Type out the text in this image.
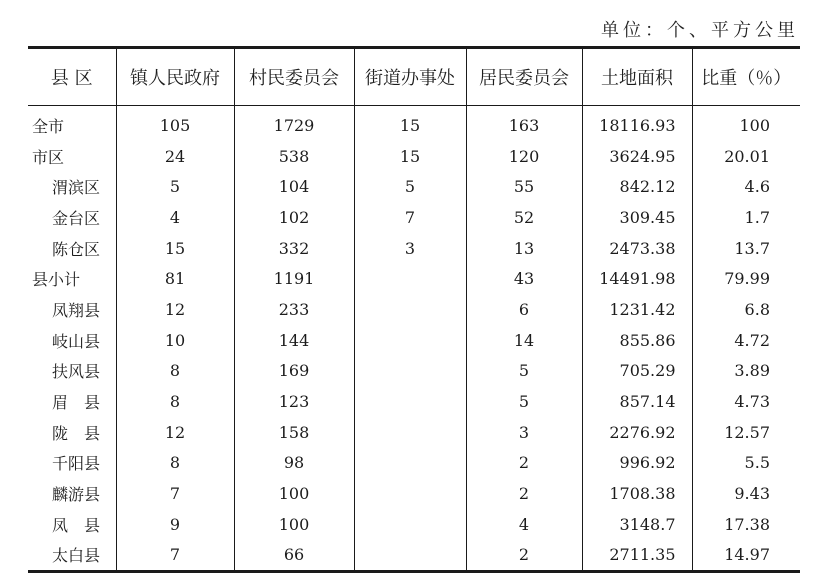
单位：个、平方公里
县 区	镇人民政府	村民委员会	街道办事处	居民委员会	土地面积	比重（％）
全市	105	1729	15	163	18116.93	100
市区	24	538	15	120	3624.95	20.01
渭滨区	5	104	5	55	842.12	4.6
金台区	4	102	7	52	309.45	1.7
陈仓区	15	332	3	13	2473.38	13.7
县小计	81	1191		43	14491.98	79.99
凤翔县	12	233		6	1231.42	6.8
岐山县	10	144		14	855.86	4.72
扶风县	8	169		5	705.29	3.89
眉　县	8	123		5	857.14	4.73
陇　县	12	158		3	2276.92	12.57
千阳县	8	98		2	996.92	5.5
麟游县	7	100		2	1708.38	9.43
凤　县	9	100		4	3148.7	17.38
太白县	7	66		2	2711.35	14.97
